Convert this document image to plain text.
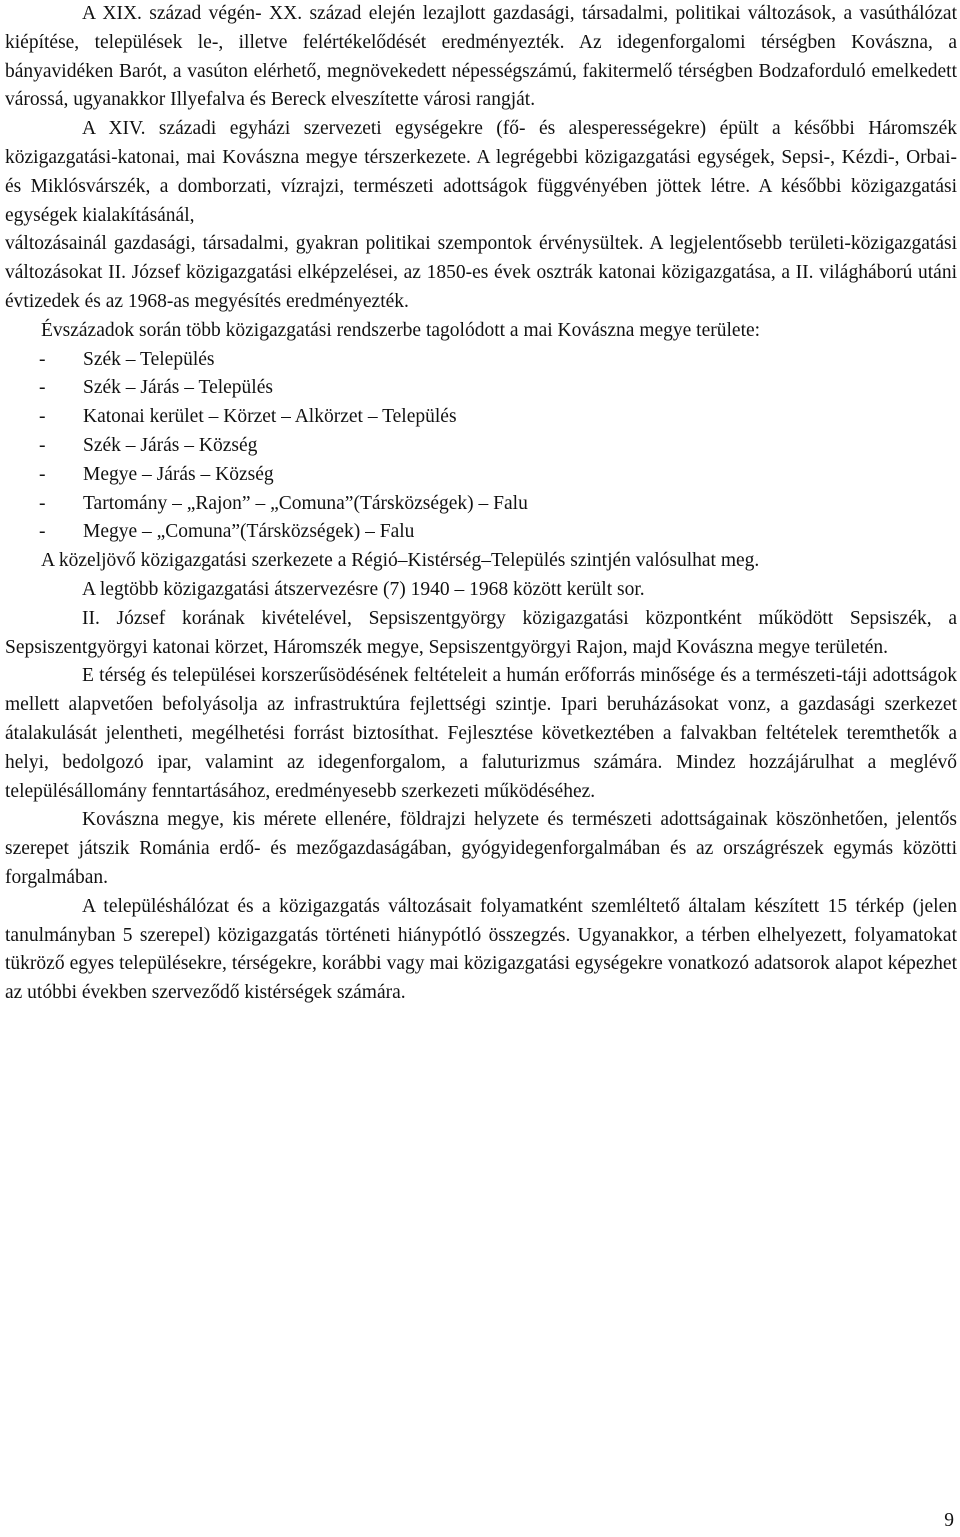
A XIX. század végén- XX. század elején lezajlott gazdasági, társadalmi, politikai változások, a vasúthálózat kiépítése, települések le-, illetve felértékelődését eredményezték. Az idegenforgalomi térségben Kovászna, a bányavidéken Barót, a vasúton elérhető, megnövekedett népességszámú, fakitermelő térségben Bodzaforduló emelkedett várossá, ugyanakkor Illyefalva és Bereck elveszítette városi rangját.

A XIV. századi egyházi szervezeti egységekre (fő- és alesperességekre) épült a későbbi Háromszék közigazgatási-katonai, mai Kovászna megye térszerkezete. A legrégebbi közigazgatási egységek, Sepsi-, Kézdi-, Orbai- és Miklósvárszék, a domborzati, vízrajzi, természeti adottságok függvényében jöttek létre. A későbbi közigazgatási egységek kialakításánál,

változásainál gazdasági, társadalmi, gyakran politikai szempontok érvénysültek. A legjelentősebb területi-közigazgatási változásokat II. József közigazgatási elképzelései, az 1850-es évek osztrák katonai közigazgatása, a II. világháború utáni évtizedek és az 1968-as megyésítés eredményezték.

Évszázadok során több közigazgatási rendszerbe tagolódott a mai Kovászna megye területe:

-	Szék – Település
-	Szék – Járás – Település
-	Katonai kerület – Körzet – Alkörzet – Település
-	Szék – Járás – Község
-	Megye – Járás – Község
-	Tartomány – „Rajon” – „Comuna”(Társközségek) – Falu
-	Megye – „Comuna”(Társközségek) – Falu

A közeljövő közigazgatási szerkezete a Régió–Kistérség–Település szintjén valósulhat meg.

A legtöbb közigazgatási átszervezésre (7) 1940 – 1968 között került sor.

II. József korának kivételével, Sepsiszentgyörgy közigazgatási központként működött Sepsiszék, a Sepsiszentgyörgyi katonai körzet, Háromszék megye, Sepsiszentgyörgyi Rajon, majd Kovászna megye területén.

E térség és települései korszerűsödésének feltételeit a humán erőforrás minősége és a természeti-táji adottságok mellett alapvetően befolyásolja az infrastruktúra fejlettségi szintje. Ipari beruházásokat vonz, a gazdasági szerkezet átalakulását jelentheti, megélhetési forrást biztosíthat. Fejlesztése következtében a falvakban feltételek teremthetők a helyi, bedolgozó ipar, valamint az idegenforgalom, a faluturizmus számára. Mindez hozzájárulhat a meglévő településállomány fenntartásához, eredményesebb szerkezeti működéséhez.

Kovászna megye, kis mérete ellenére, földrajzi helyzete és természeti adottságainak köszönhetően, jelentős szerepet játszik Románia erdő- és mezőgazdaságában, gyógyidegenforgalmában és az országrészek egymás közötti forgalmában.

A településhálózat és a közigazgatás változásait folyamatként szemléltető általam készített 15 térkép (jelen tanulmányban 5 szerepel) közigazgatás történeti hiánypótló összegzés. Ugyanakkor, a térben elhelyezett, folyamatokat tükröző egyes településekre, térségekre, korábbi vagy mai közigazgatási egységekre vonatkozó adatsorok alapot képezhet az utóbbi években szerveződő kistérségek számára.

9
